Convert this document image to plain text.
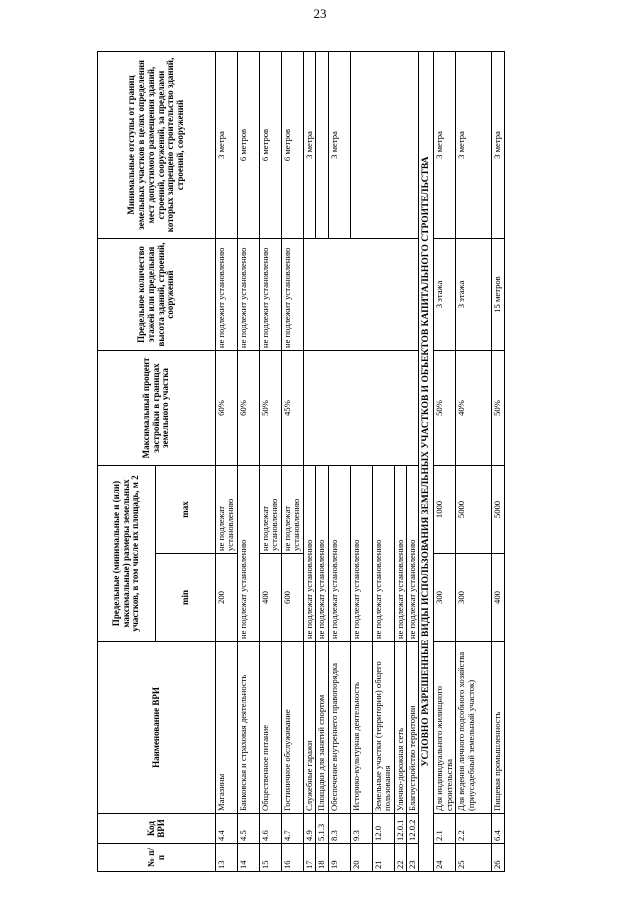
23
№ п/п	Код ВРИ	Наименование ВРИ	Предельные (минимальные и (или) максимальные) размеры земельных участков, в том числе их площадь, м 2		Максимальный процент застройки в границах земельного участка	Предельное количество этажей или предельная высота зданий, строений, сооружений	Минимальные отступы от границ земельных участков в целях определения мест допустимого размещения зданий, строений, сооружений, за пределами которых запрещено строительство зданий, строений, сооружений
			min	max			
13	4.4	Магазины	200	не подлежат установлению	60%	не подлежит установлению	3 метра
14	4.5	Банковская и страховая деятельность	не подлежат установлению		60%	не подлежит установлению	6 метров
15	4.6	Общественное питание	400	не подлежат установлению	50%	не подлежит установлению	6 метров
16	4.7	Гостиничное обслуживание	600	не подлежат установлению	45%	не подлежит установлению	6 метров
17	4.9	Служебные гаражи	не подлежат установлению				3 метра
18	5.1.3	Площадки для занятий спортом	не подлежат установлению				
19	8.3	Обеспечение внутреннего правопорядка	не подлежат установлению				3 метра
20	9.3	Историко-культурная деятельность	не подлежат установлению				
21	12.0	Земельные участки (территории) общего пользования	не подлежат установлению				
22	12.0.1	Улично-дорожная сеть	не подлежат установлению				
23	12.0.2	Благоустройство территории	не подлежат установлению				
УСЛОВНО РАЗРЕШЕННЫЕ ВИДЫ ИСПОЛЬЗОВАНИЯ ЗЕМЕЛЬНЫХ УЧАСТКОВ И ОБЪЕКТОВ КАПИТАЛЬНОГО СТРОИТЕЛЬСТВА							
24	2.1	Для индивидуального жилищного строительства	300	1000	50%	3 этажа	3 метра
25	2.2	Для ведения личного подсобного хозяйства (приусадебный земельный участок)	300	5000	40%	3 этажа	3 метра
26	6.4	Пищевая промышленность	400	5000	50%	15 метров	3 метра
